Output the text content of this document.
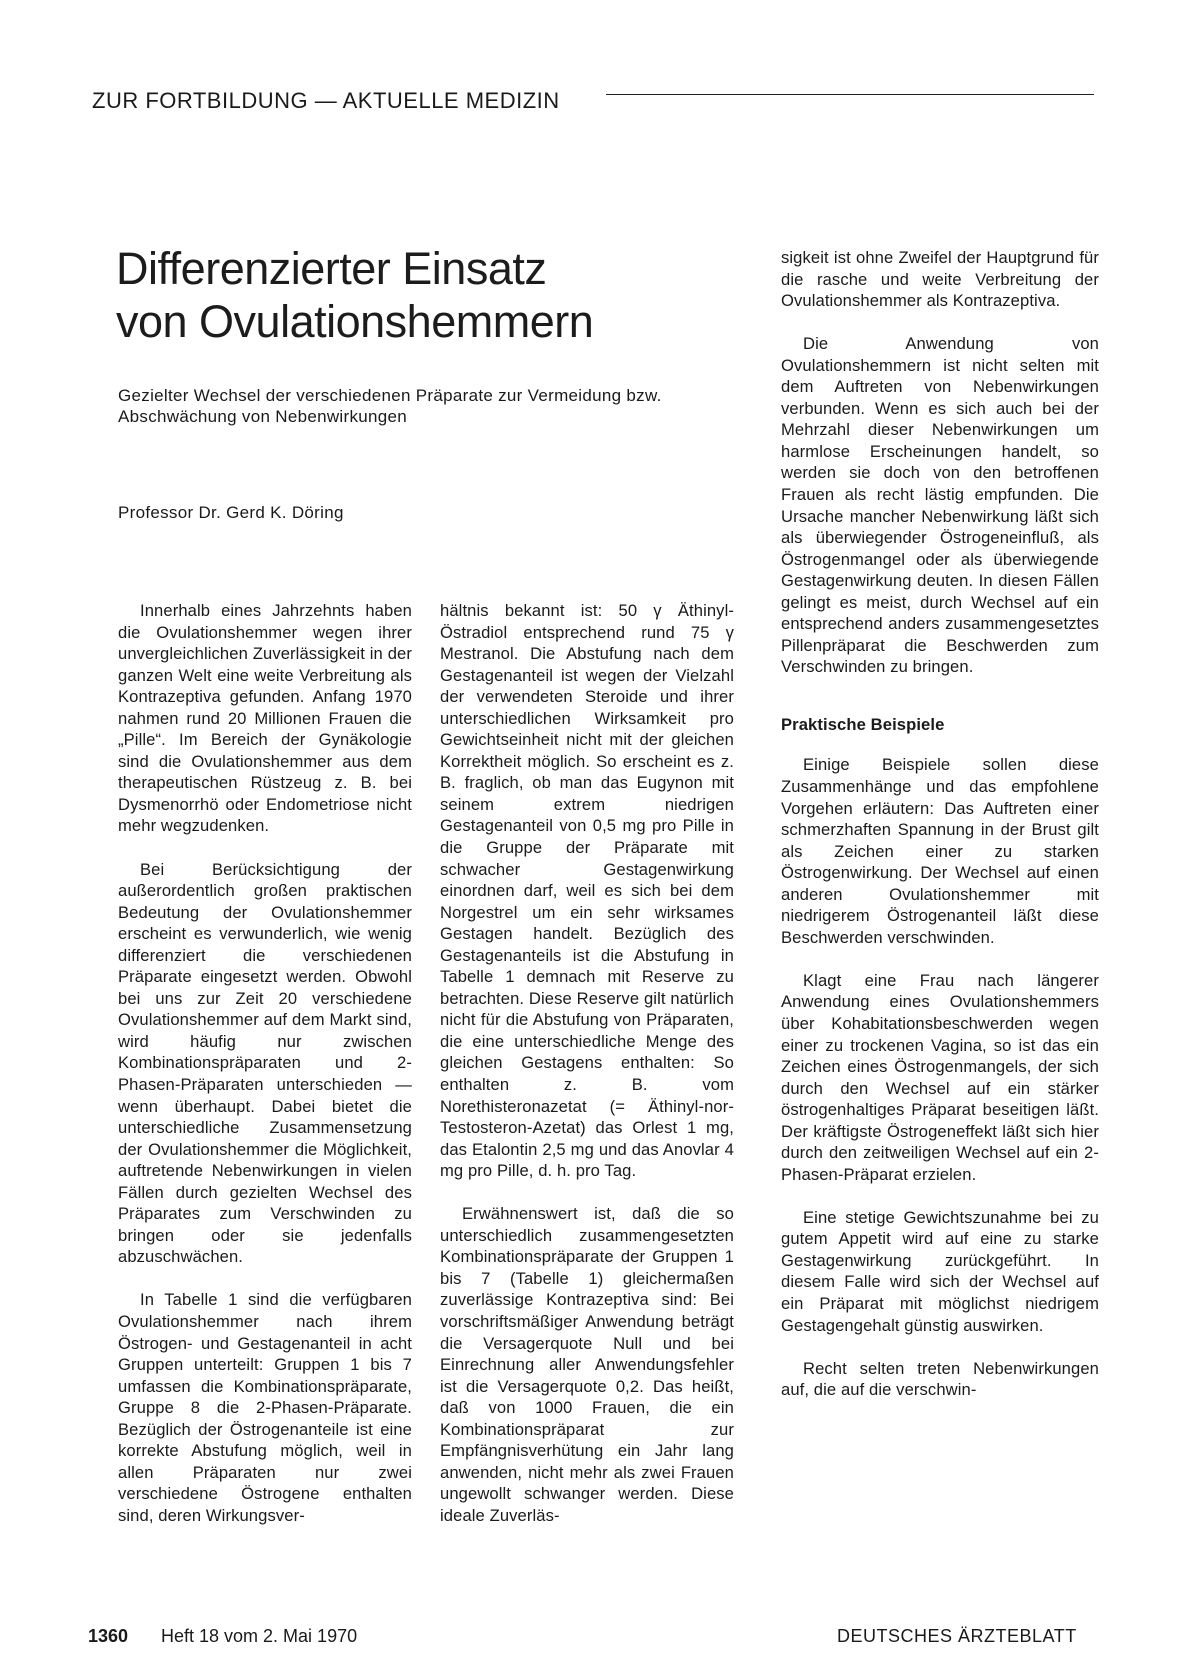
ZUR FORTBILDUNG — AKTUELLE MEDIZIN
Differenzierter Einsatz
von Ovulationshemmern
Gezielter Wechsel der verschiedenen Präparate zur Vermeidung bzw. Abschwächung von Nebenwirkungen
Professor Dr. Gerd K. Döring

Innerhalb eines Jahrzehnts haben die Ovulationshemmer wegen ihrer unvergleichlichen Zuverlässigkeit in der ganzen Welt eine weite Verbreitung als Kontrazeptiva gefunden. Anfang 1970 nahmen rund 20 Millionen Frauen die „Pille“. Im Bereich der Gynäkologie sind die Ovulationshemmer aus dem therapeutischen Rüstzeug z. B. bei Dysmenorrhö oder Endometriose nicht mehr wegzudenken.

Bei Berücksichtigung der außerordentlich großen praktischen Bedeutung der Ovulationshemmer erscheint es verwunderlich, wie wenig differenziert die verschiedenen Präparate eingesetzt werden. Obwohl bei uns zur Zeit 20 verschiedene Ovulationshemmer auf dem Markt sind, wird häufig nur zwischen Kombinationspräparaten und 2-Phasen-Präparaten unterschieden — wenn überhaupt. Dabei bietet die unterschiedliche Zusammensetzung der Ovulationshemmer die Möglichkeit, auftretende Nebenwirkungen in vielen Fällen durch gezielten Wechsel des Präparates zum Verschwinden zu bringen oder sie jedenfalls abzuschwächen.

In Tabelle 1 sind die verfügbaren Ovulationshemmer nach ihrem Östrogen- und Gestagenanteil in acht Gruppen unterteilt: Gruppen 1 bis 7 umfassen die Kombinationspräparate, Gruppe 8 die 2-Phasen-Präparate. Bezüglich der Östrogenanteile ist eine korrekte Abstufung möglich, weil in allen Präparaten nur zwei verschiedene Östrogene enthalten sind, deren Wirkungsver-

hältnis bekannt ist: 50 γ Äthinyl-Östradiol entsprechend rund 75 γ Mestranol. Die Abstufung nach dem Gestagenanteil ist wegen der Vielzahl der verwendeten Steroide und ihrer unterschiedlichen Wirksamkeit pro Gewichtseinheit nicht mit der gleichen Korrektheit möglich. So erscheint es z. B. fraglich, ob man das Eugynon mit seinem extrem niedrigen Gestagenanteil von 0,5 mg pro Pille in die Gruppe der Präparate mit schwacher Gestagenwirkung einordnen darf, weil es sich bei dem Norgestrel um ein sehr wirksames Gestagen handelt. Bezüglich des Gestagenanteils ist die Abstufung in Tabelle 1 demnach mit Reserve zu betrachten. Diese Reserve gilt natürlich nicht für die Abstufung von Präparaten, die eine unterschiedliche Menge des gleichen Gestagens enthalten: So enthalten z. B. vom Norethisteronazetat (= Äthinyl-nor-Testosteron-Azetat) das Orlest 1 mg, das Etalontin 2,5 mg und das Anovlar 4 mg pro Pille, d. h. pro Tag.

Erwähnenswert ist, daß die so unterschiedlich zusammengesetzten Kombinationspräparate der Gruppen 1 bis 7 (Tabelle 1) gleichermaßen zuverlässige Kontrazeptiva sind: Bei vorschriftsmäßiger Anwendung beträgt die Versagerquote Null und bei Einrechnung aller Anwendungsfehler ist die Versagerquote 0,2. Das heißt, daß von 1000 Frauen, die ein Kombinationspräparat zur Empfängnisverhütung ein Jahr lang anwenden, nicht mehr als zwei Frauen ungewollt schwanger werden. Diese ideale Zuverläs-

sigkeit ist ohne Zweifel der Hauptgrund für die rasche und weite Verbreitung der Ovulationshemmer als Kontrazeptiva.

Die Anwendung von Ovulationshemmern ist nicht selten mit dem Auftreten von Nebenwirkungen verbunden. Wenn es sich auch bei der Mehrzahl dieser Nebenwirkungen um harmlose Erscheinungen handelt, so werden sie doch von den betroffenen Frauen als recht lästig empfunden. Die Ursache mancher Nebenwirkung läßt sich als überwiegender Östrogeneinfluß, als Östrogenmangel oder als überwiegende Gestagenwirkung deuten. In diesen Fällen gelingt es meist, durch Wechsel auf ein entsprechend anders zusammengesetztes Pillenpräparat die Beschwerden zum Verschwinden zu bringen.

Praktische Beispiele

Einige Beispiele sollen diese Zusammenhänge und das empfohlene Vorgehen erläutern: Das Auftreten einer schmerzhaften Spannung in der Brust gilt als Zeichen einer zu starken Östrogenwirkung. Der Wechsel auf einen anderen Ovulationshemmer mit niedrigerem Östrogenanteil läßt diese Beschwerden verschwinden.

Klagt eine Frau nach längerer Anwendung eines Ovulationshemmers über Kohabitationsbeschwerden wegen einer zu trockenen Vagina, so ist das ein Zeichen eines Östrogenmangels, der sich durch den Wechsel auf ein stärker östrogenhaltiges Präparat beseitigen läßt. Der kräftigste Östrogeneffekt läßt sich hier durch den zeitweiligen Wechsel auf ein 2-Phasen-Präparat erzielen.

Eine stetige Gewichtszunahme bei zu gutem Appetit wird auf eine zu starke Gestagenwirkung zurückgeführt. In diesem Falle wird sich der Wechsel auf ein Präparat mit möglichst niedrigem Gestagengehalt günstig auswirken.

Recht selten treten Nebenwirkungen auf, die auf die verschwin-

1360 Heft 18 vom 2. Mai 1970	DEUTSCHES ÄRZTEBLATT
